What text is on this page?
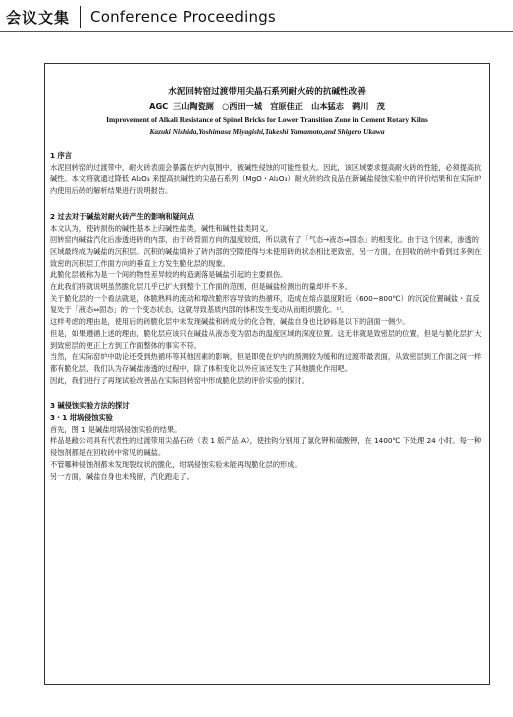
会议文集 Conference Proceedings
水泥回转窑过渡带用尖晶石系列耐火砖的抗碱性改善
AGC 三山陶瓷厕　○西田一城　宫原佳正　山本猛志　鹈川　茂
Improvement of Alkali Resistance of Spinel Bricks for Lower Transition Zone in Cement Rotary Kilns
Kazuki Nishida,Yoshimasa Miyagishi,Takeshi Yamamoto,and Shigero Ukawa
1 序言

水泥回转窑的过渡带中，耐火砖表面会暴露在炉内氛围中，被碱性侵蚀的可能性很大。因此，该区域要求提高耐火砖的性能，必须提高抗碱性。本文将就通过降低 Al₂O₃ 来提高抗碱性的尖晶石系列（MgO・Al₂O₃）耐火砖的改良品在新碱盐侵蚀实验中的评价结果和在实际炉内使用后砖的解析结果进行说明报告。

2 过去对于碱盐对耐火砖产生的影响和疑问点

本文认为，使砖损伤的碱性基本上归碱性盐类，碱性和碱性盐类同义。

回转窑内碱盐汽化后渗透进砖的内部，由于砖背面方向的温度较低，所以就有了「气态→液态⇒固态」的相变化。由于这个因素，渗透的区域最终成为碱盐的沉积层。沉积的碱盐填补了砖内部的空隙使得与未使用砖的状态相比更致密，另一方面，在回收的砖中看到过多例在致密的沉积层工作面方向的垂直上方发生脆化层的现象。

此脆化层被称为是一个间的物性差异较的构造剥落是碱盐引起的主要损伤。

在此我们将就说明虽然脆化层几乎已扩大到整个工作面的范围，但是碱盐检测出的量却并不多。

关于脆化层的一个看法就是，体脆熟料的流动和增改脆形容导致的热循环，造成在熔点温度附近（600~800℃）的沉淀位置碱盐・直反复处于「液态⇔固态」的一个变态状态，这就导致基质内部的体积发生变动从而组织脆化。¹⁾。

这样考虑的理由是，使用后的砖脆化层中未发现碱盐和砖成分的化合物，碱盐自身也比砂砾是以下的剖面一侧少。

但是，如果遵循上述的理由，脆化层应该只在碱盐从液态变为固态的温度区域的深度位置。这无非就是致密层的位置，但是与脆化层扩大到致密层的更正上方到工作面整体的事实不符。

当然，在实际窑炉中助论还受到热循环等其他因素的影响，但是即使在炉内的预测较为缓和的过渡带最表面，从致密层到工作面之间一样都有脆化层，我们认为存碱盐渗透的过程中，除了体积变化以外应该还发生了其他脆化作用吧。

因此，我们进行了再现试验改善品在实际回转窑中形成脆化层的评价实验的探讨。

3 碱侵蚀实验方法的探讨
3・1 坩埚侵蚀实验

首先，图 1 是碱盐坩埚侵蚀实验的结果。

样品是敝公司具有代表性的过渡带用尖晶石砖（表 1 版产品 A），使挂钩分别用了氯化钾和硫酸钾，在 1400℃ 下处理 24 小时。每一种侵蚀剂都是在回收砖中常见的碱盐。

不管哪种侵蚀剂都未发现裂纹状的脆化，坩埚侵蚀实验未能再现脆化层的形成。

另一方面，碱盐自身也未残留，汽化跑走了。
